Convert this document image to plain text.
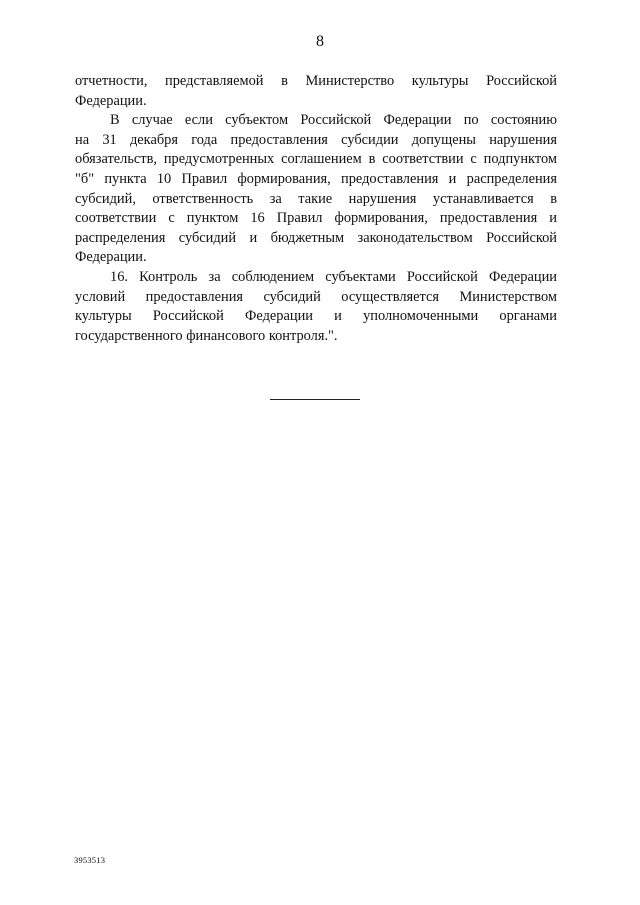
8
отчетности, представляемой в Министерство культуры Российской
Федерации.
В случае если субъектом Российской Федерации по состоянию
на 31 декабря года предоставления субсидии допущены нарушения
обязательств, предусмотренных соглашением в соответствии с подпунктом
"б" пункта 10 Правил формирования, предоставления и распределения
субсидий, ответственность за такие нарушения устанавливается в
соответствии с пунктом 16 Правил формирования, предоставления и
распределения субсидий и бюджетным законодательством Российской
Федерации.
16. Контроль за соблюдением субъектами Российской Федерации
условий предоставления субсидий осуществляется Министерством
культуры Российской Федерации и уполномоченными органами
государственного финансового контроля.".
3953513
